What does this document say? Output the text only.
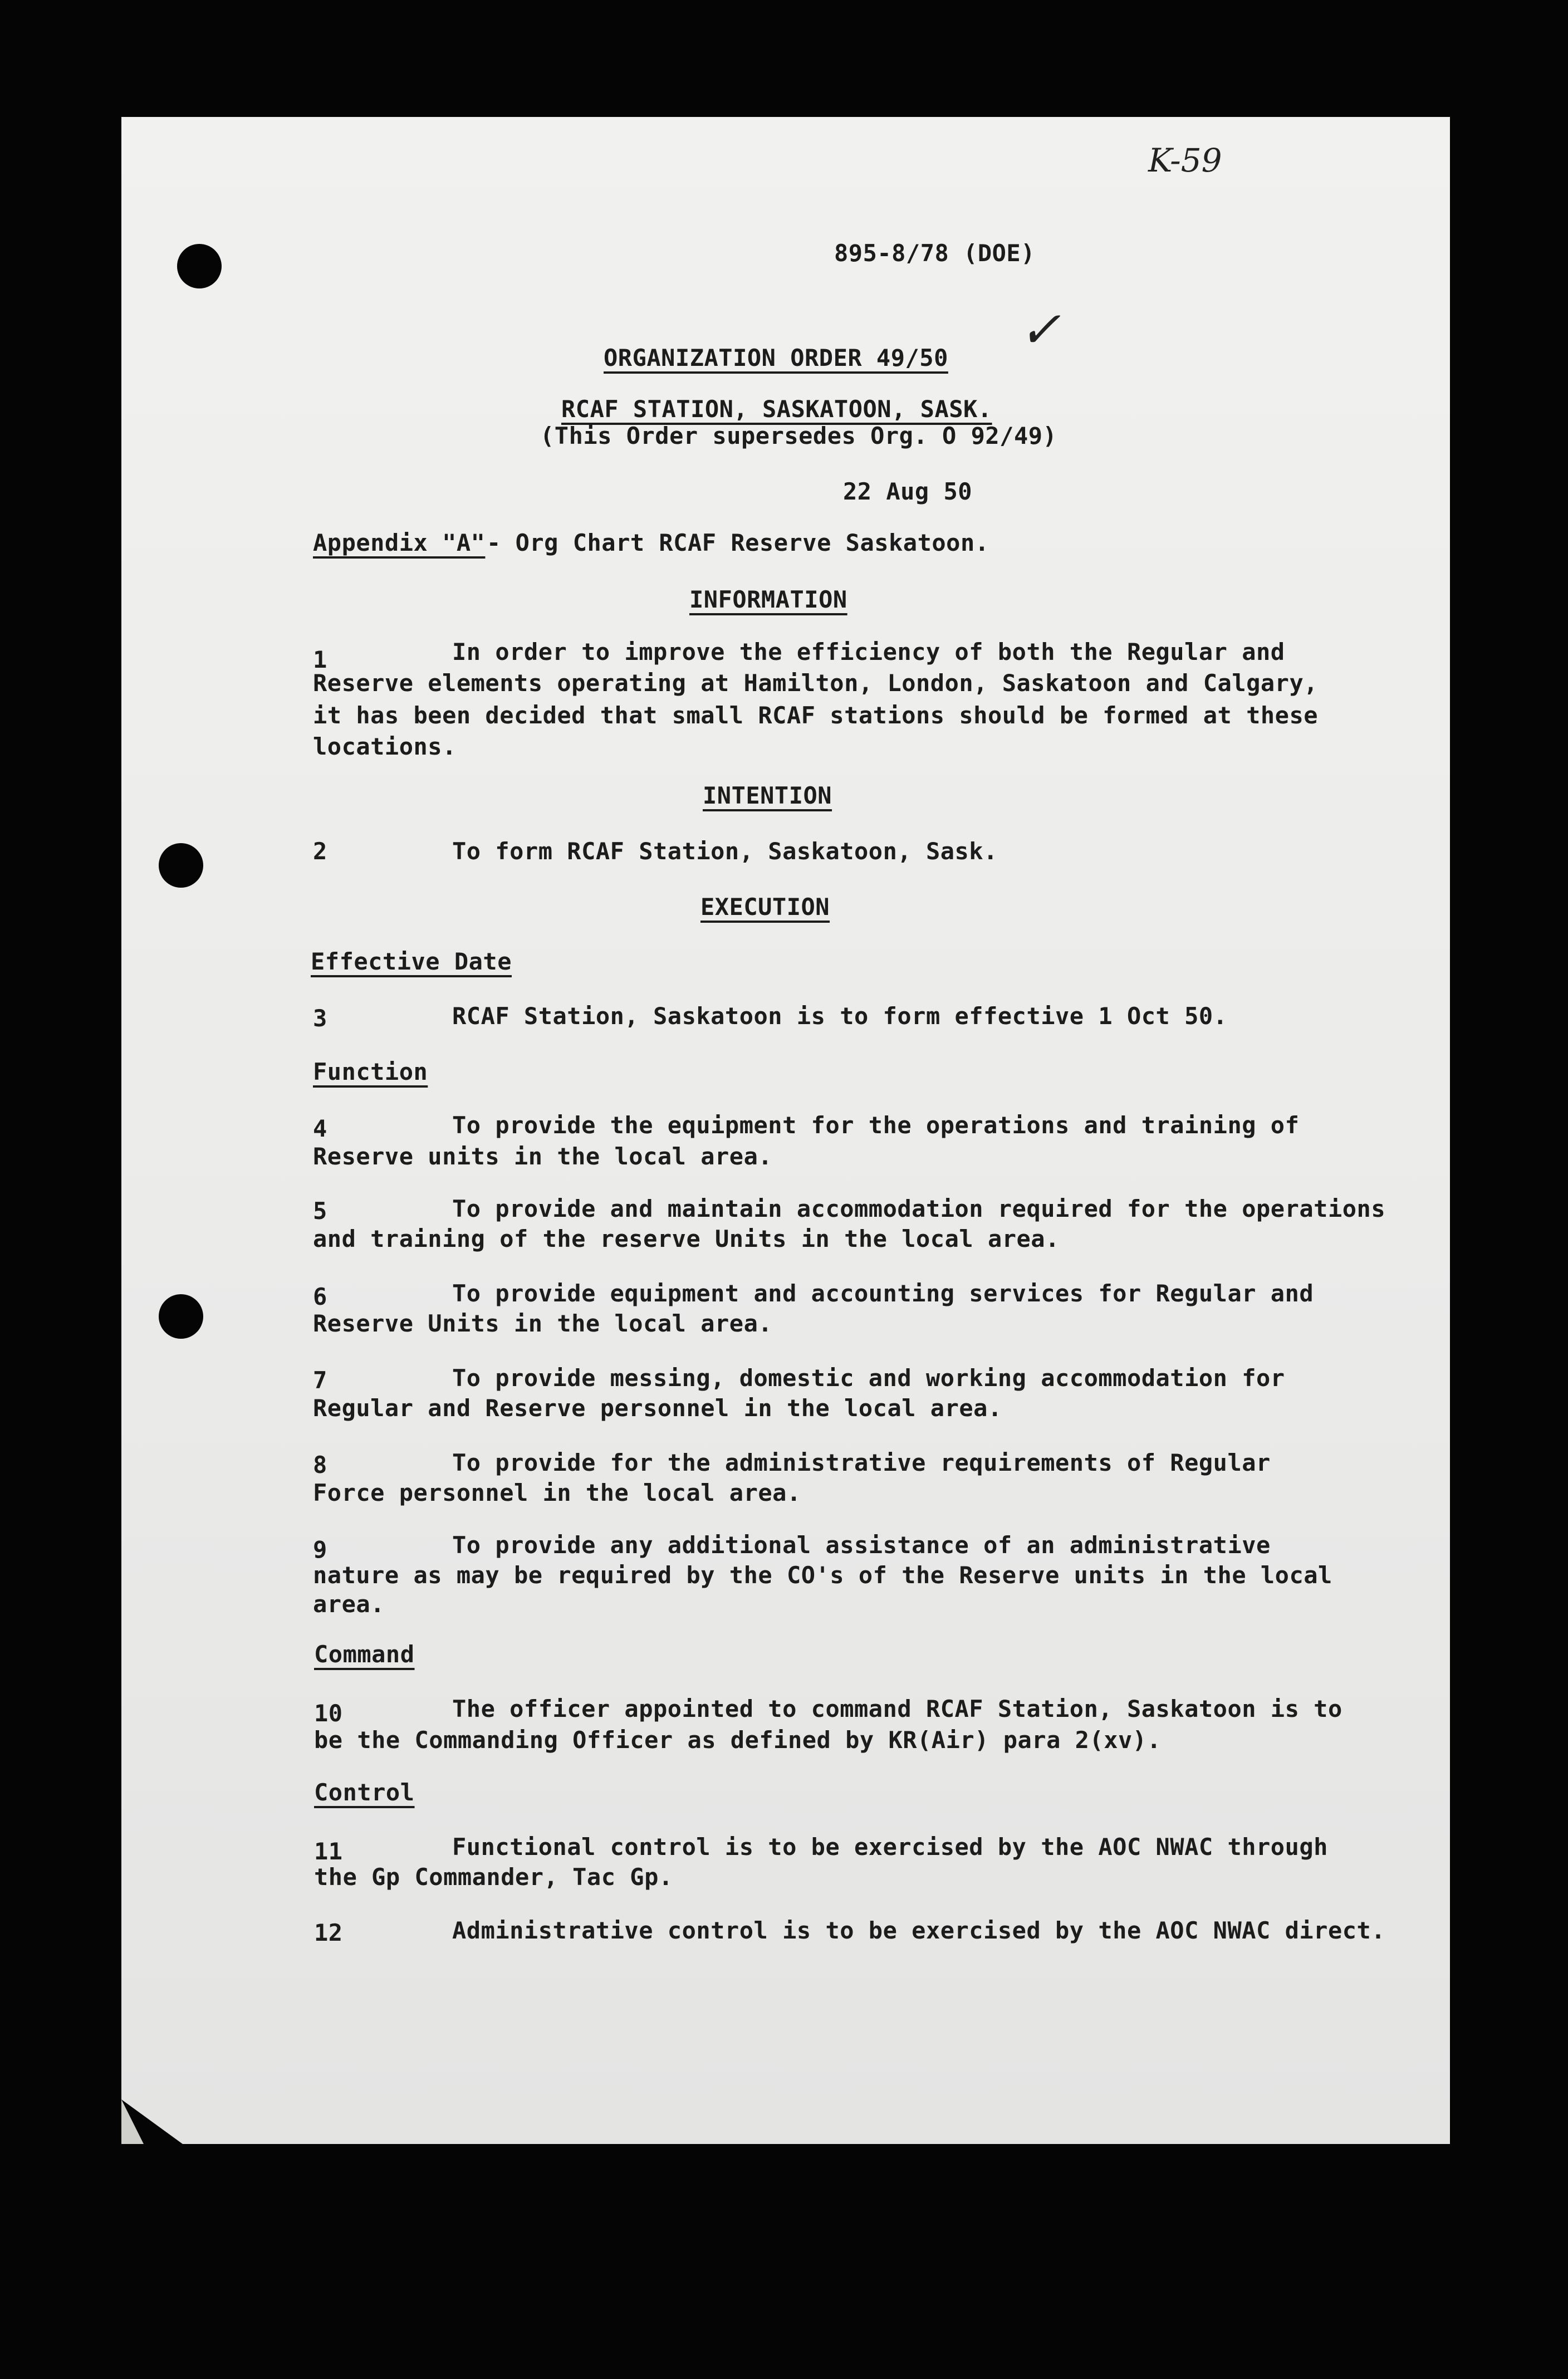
K-59
✓
895-8/78 (DOE)
ORGANIZATION ORDER 49/50
RCAF STATION, SASKATOON, SASK.
(This Order supersedes Org. O 92/49)
22 Aug 50
Appendix "A" - Org Chart RCAF Reserve Saskatoon.
INFORMATION
1	In order to improve the efficiency of both the Regular and
Reserve elements operating at Hamilton, London, Saskatoon and Calgary,
it has been decided that small RCAF stations should be formed at these
locations.
INTENTION
2	To form RCAF Station, Saskatoon, Sask.
EXECUTION
Effective Date
3	RCAF Station, Saskatoon is to form effective 1 Oct 50.
Function
4	To provide the equipment for the operations and training of
Reserve units in the local area.
5	To provide and maintain accommodation required for the operations
and training of the reserve Units in the local area.
6	To provide equipment and accounting services for Regular and
Reserve Units in the local area.
7	To provide messing, domestic and working accommodation for
Regular and Reserve personnel in the local area.
8	To provide for the administrative requirements of Regular
Force personnel in the local area.
9	To provide any additional assistance of an administrative
nature as may be required by the CO's of the Reserve units in the local
area.
Command
10	The officer appointed to command RCAF Station, Saskatoon is to
be the Commanding Officer as defined by KR(Air) para 2(xv).
Control
11	Functional control is to be exercised by the AOC NWAC through
the Gp Commander, Tac Gp.
12	Administrative control is to be exercised by the AOC NWAC direct.
